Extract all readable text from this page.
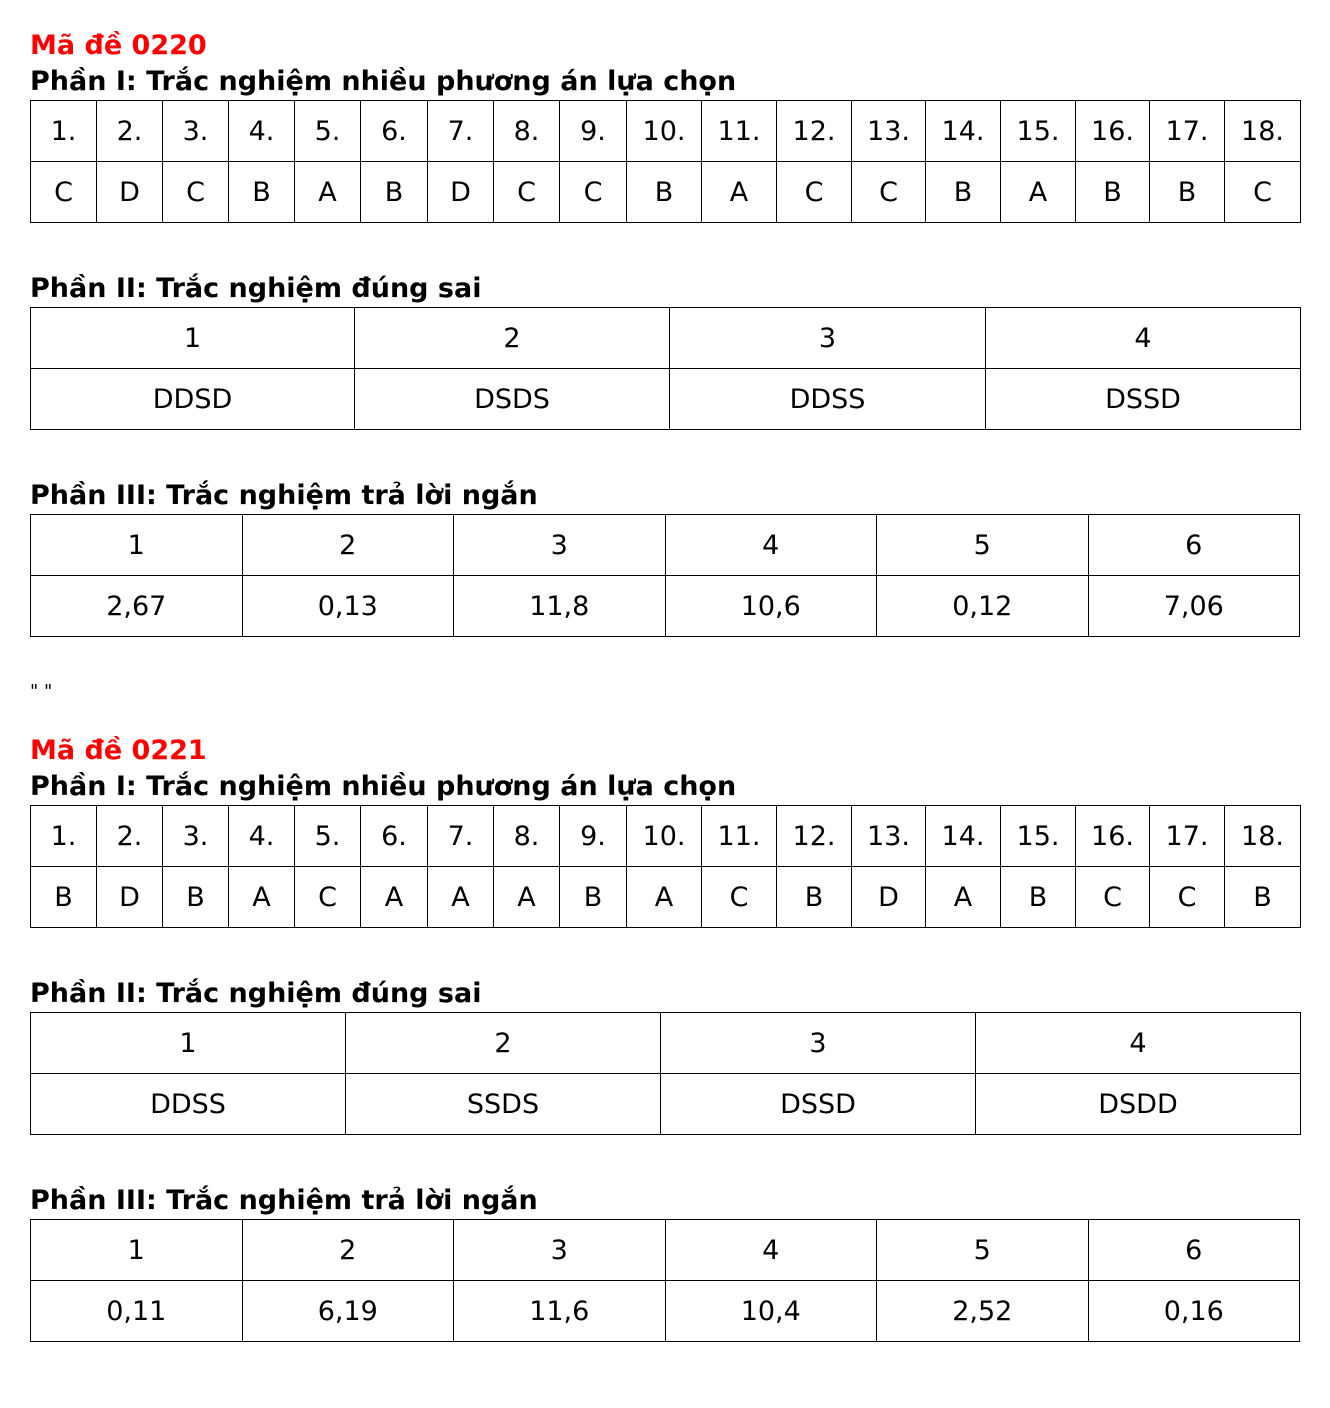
Mã đề 0220
Phần I: Trắc nghiệm nhiều phương án lựa chọn
1.	2.	3.	4.	5.	6.	7.	8.	9.	10.	11.	12.	13.	14.	15.	16.	17.	18.
C	D	C	B	A	B	D	C	C	B	A	C	C	B	A	B	B	C
Phần II: Trắc nghiệm đúng sai
1	2	3	4
DDSD	DSDS	DDSS	DSSD
Phần III: Trắc nghiệm trả lời ngắn
1	2	3	4	5	6
2,67	0,13	11,8	10,6	0,12	7,06
" "
Mã đề 0221
Phần I: Trắc nghiệm nhiều phương án lựa chọn
1.	2.	3.	4.	5.	6.	7.	8.	9.	10.	11.	12.	13.	14.	15.	16.	17.	18.
B	D	B	A	C	A	A	A	B	A	C	B	D	A	B	C	C	B
Phần II: Trắc nghiệm đúng sai
1	2	3	4
DDSS	SSDS	DSSD	DSDD
Phần III: Trắc nghiệm trả lời ngắn
1	2	3	4	5	6
0,11	6,19	11,6	10,4	2,52	0,16
